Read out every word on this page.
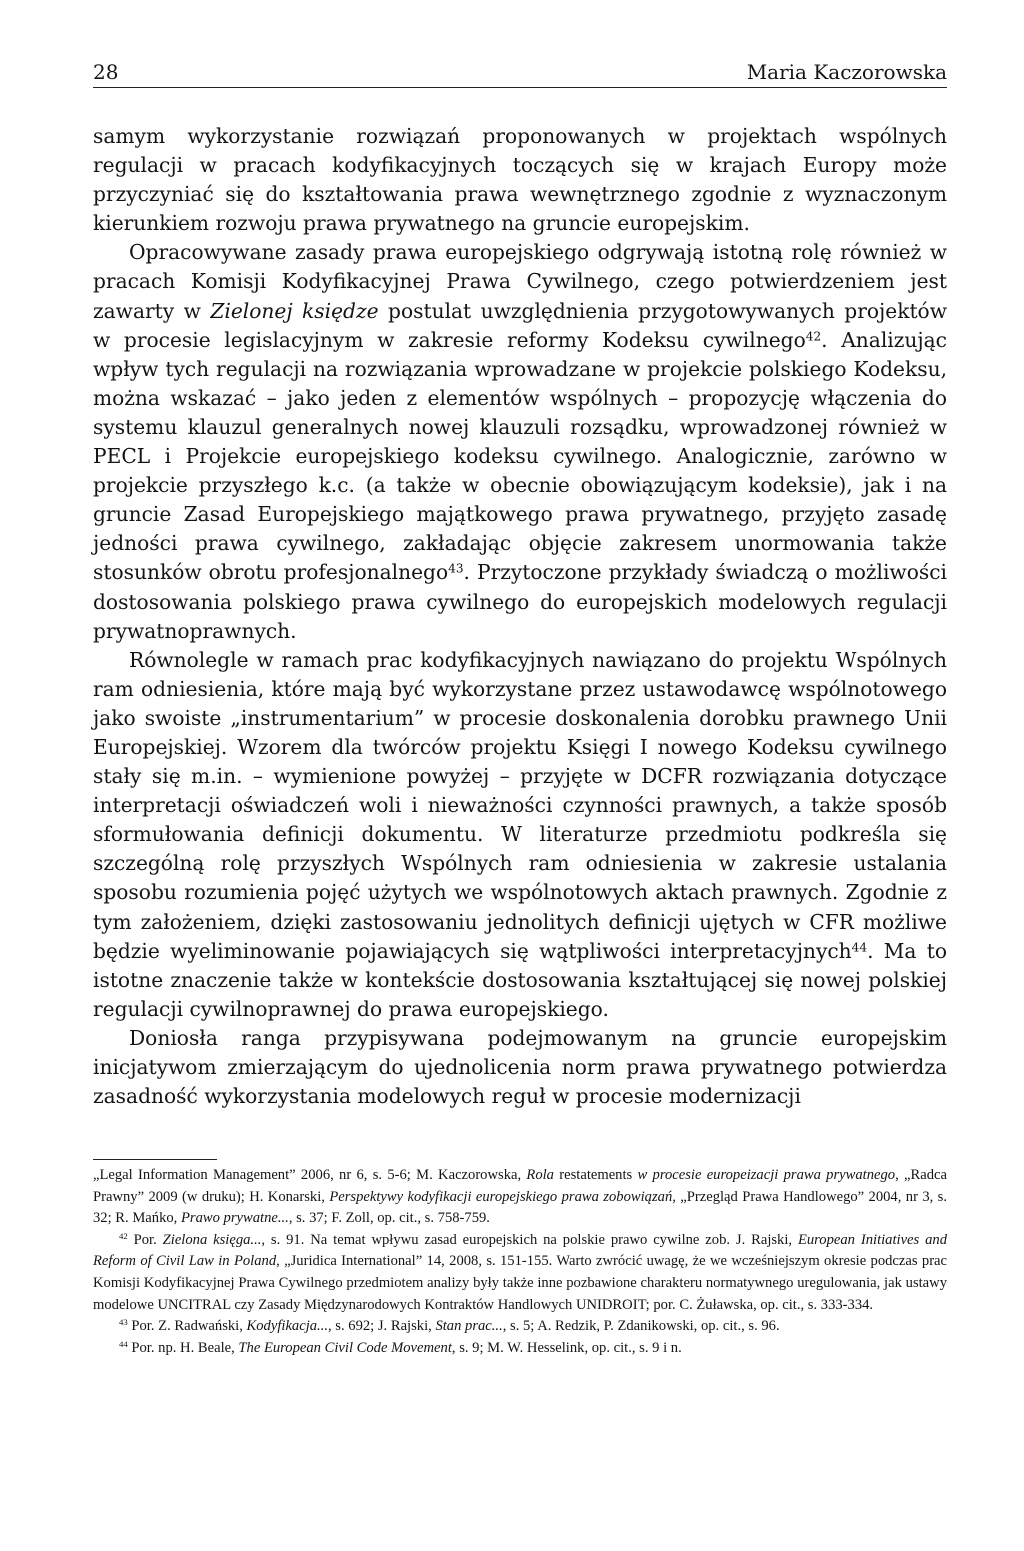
28	Maria Kaczorowska

samym wykorzystanie rozwiązań proponowanych w projektach wspólnych regulacji w pracach kodyfikacyjnych toczących się w krajach Europy może przyczyniać się do kształtowania prawa wewnętrznego zgodnie z wyznaczonym kierunkiem rozwoju prawa prywatnego na gruncie europejskim.

Opracowywane zasady prawa europejskiego odgrywają istotną rolę również w pracach Komisji Kodyfikacyjnej Prawa Cywilnego, czego potwierdzeniem jest zawarty w Zielonej księdze postulat uwzględnienia przygotowywanych projektów w procesie legislacyjnym w zakresie reformy Kodeksu cywilnego$^{42}$. Analizując wpływ tych regulacji na rozwiązania wprowadzane w projekcie polskiego Kodeksu, można wskazać – jako jeden z elementów wspólnych – propozycję włączenia do systemu klauzul generalnych nowej klauzuli rozsądku, wprowadzonej również w PECL i Projekcie europejskiego kodeksu cywilnego. Analogicznie, zarówno w projekcie przyszłego k.c. (a także w obecnie obowiązującym kodeksie), jak i na gruncie Zasad Europejskiego majątkowego prawa prywatnego, przyjęto zasadę jedności prawa cywilnego, zakładając objęcie zakresem unormowania także stosunków obrotu profesjonalnego$^{43}$. Przytoczone przykłady świadczą o możliwości dostosowania polskiego prawa cywilnego do europejskich modelowych regulacji prywatnoprawnych.

Równolegle w ramach prac kodyfikacyjnych nawiązano do projektu Wspólnych ram odniesienia, które mają być wykorzystane przez ustawodawcę wspólnotowego jako swoiste „instrumentarium” w procesie doskonalenia dorobku prawnego Unii Europejskiej. Wzorem dla twórców projektu Księgi I nowego Kodeksu cywilnego stały się m.in. – wymienione powyżej – przyjęte w DCFR rozwiązania dotyczące interpretacji oświadczeń woli i nieważności czynności prawnych, a także sposób sformułowania definicji dokumentu. W literaturze przedmiotu podkreśla się szczególną rolę przyszłych Wspólnych ram odniesienia w zakresie ustalania sposobu rozumienia pojęć użytych we wspólnotowych aktach prawnych. Zgodnie z tym założeniem, dzięki zastosowaniu jednolitych definicji ujętych w CFR możliwe będzie wyeliminowanie pojawiających się wątpliwości interpretacyjnych$^{44}$. Ma to istotne znaczenie także w kontekście dostosowania kształtującej się nowej polskiej regulacji cywilnoprawnej do prawa europejskiego.

Doniosła ranga przypisywana podejmowanym na gruncie europejskim inicjatywom zmierzającym do ujednolicenia norm prawa prywatnego potwierdza zasadność wykorzystania modelowych reguł w procesie modernizacji

„Legal Information Management” 2006, nr 6, s. 5-6; M. Kaczorowska, Rola restatements w procesie europeizacji prawa prywatnego, „Radca Prawny” 2009 (w druku); H. Konarski, Perspektywy kodyfikacji europejskiego prawa zobowiązań, „Przegląd Prawa Handlowego” 2004, nr 3, s. 32; R. Mańko, Prawo prywatne..., s. 37; F. Zoll, op. cit., s. 758-759.

$^{42}$ Por. Zielona księga..., s. 91. Na temat wpływu zasad europejskich na polskie prawo cywilne zob. J. Rajski, European Initiatives and Reform of Civil Law in Poland, „Juridica International” 14, 2008, s. 151-155. Warto zwrócić uwagę, że we wcześniejszym okresie podczas prac Komisji Kodyfikacyjnej Prawa Cywilnego przedmiotem analizy były także inne pozbawione charakteru normatywnego uregulowania, jak ustawy modelowe UNCITRAL czy Zasady Międzynarodowych Kontraktów Handlowych UNIDROIT; por. C. Żuławska, op. cit., s. 333-334.

$^{43}$ Por. Z. Radwański, Kodyfikacja..., s. 692; J. Rajski, Stan prac..., s. 5; A. Redzik, P. Zdanikowski, op. cit., s. 96.

$^{44}$ Por. np. H. Beale, The European Civil Code Movement, s. 9; M. W. Hesselink, op. cit., s. 9 i n.
